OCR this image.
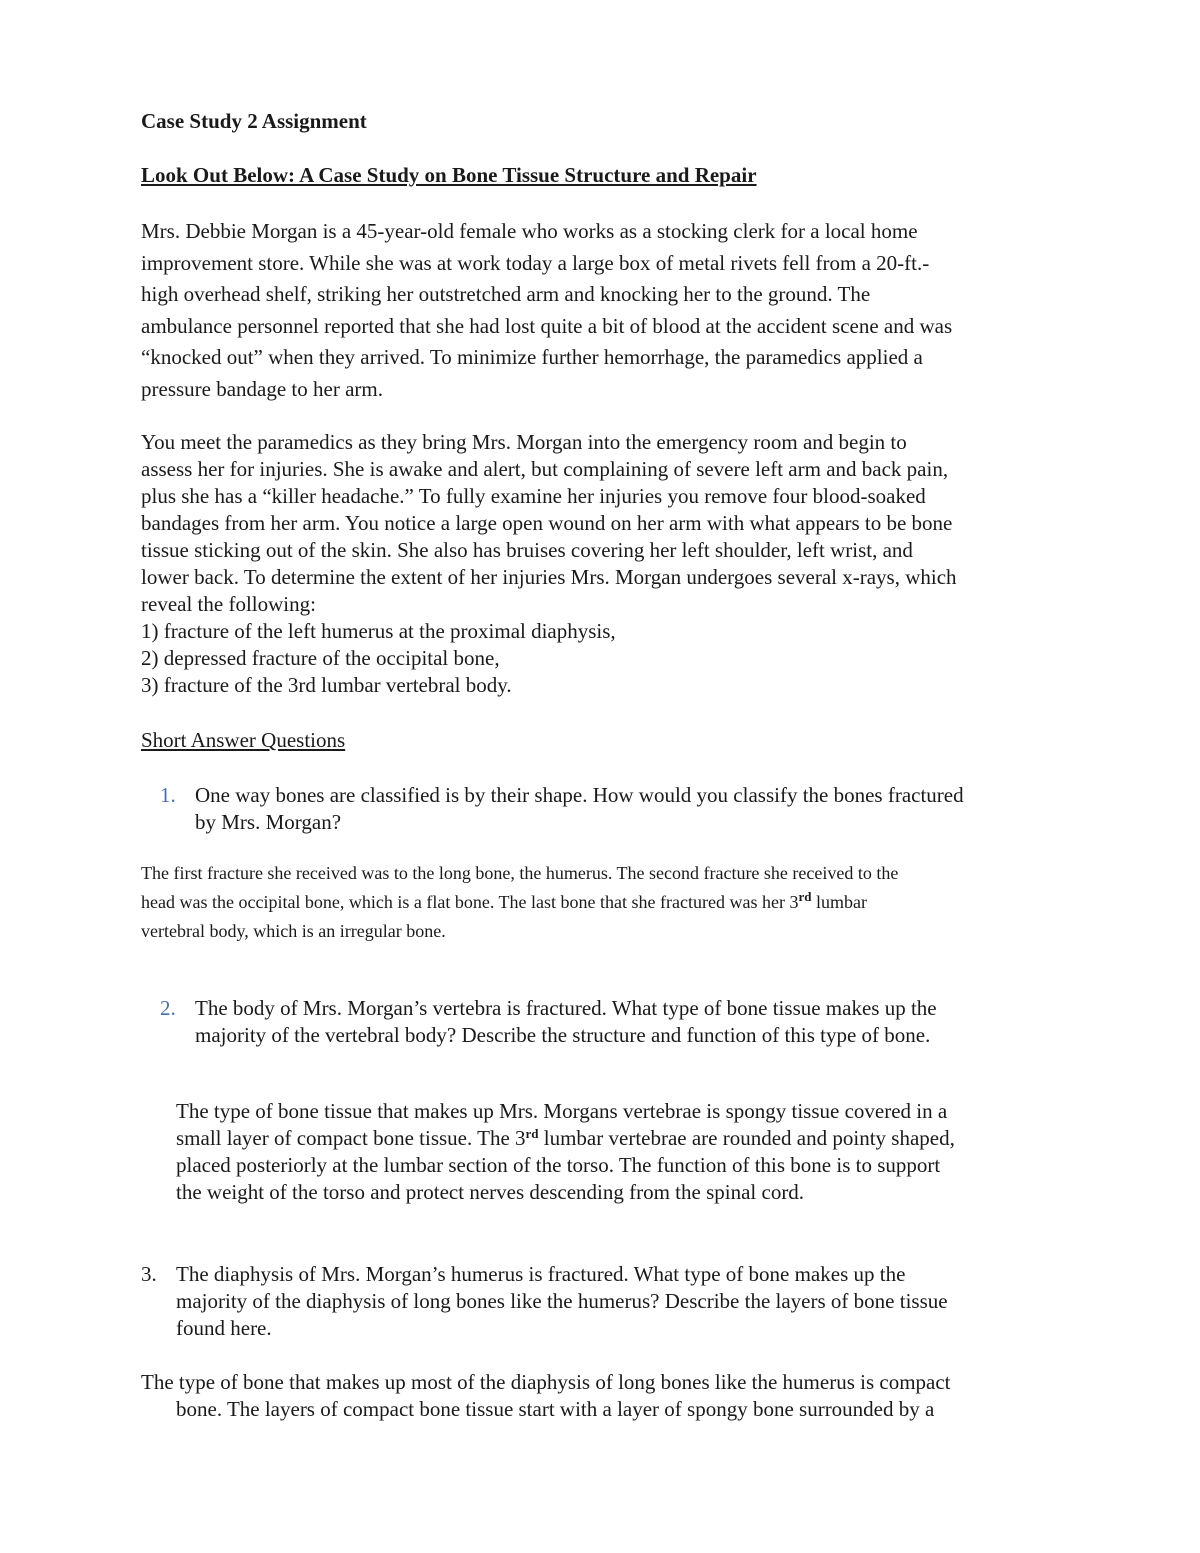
Case Study 2 Assignment

Look Out Below: A Case Study on Bone Tissue Structure and Repair

Mrs. Debbie Morgan is a 45-year-old female who works as a stocking clerk for a local home
improvement store. While she was at work today a large box of metal rivets fell from a 20-ft.-
high overhead shelf, striking her outstretched arm and knocking her to the ground. The
ambulance personnel reported that she had lost quite a bit of blood at the accident scene and was
“knocked out” when they arrived. To minimize further hemorrhage, the paramedics applied a
pressure bandage to her arm.
You meet the paramedics as they bring Mrs. Morgan into the emergency room and begin to
assess her for injuries. She is awake and alert, but complaining of severe left arm and back pain,
plus she has a “killer headache.” To fully examine her injuries you remove four blood-soaked
bandages from her arm. You notice a large open wound on her arm with what appears to be bone
tissue sticking out of the skin. She also has bruises covering her left shoulder, left wrist, and
lower back. To determine the extent of her injuries Mrs. Morgan undergoes several x-rays, which
reveal the following:
1) fracture of the left humerus at the proximal diaphysis,
2) depressed fracture of the occipital bone,
3) fracture of the 3rd lumbar vertebral body.

Short Answer Questions

1. One way bones are classified is by their shape. How would you classify the bones fractured
by Mrs. Morgan?
The first fracture she received was to the long bone, the humerus. The second fracture she received to the
head was the occipital bone, which is a flat bone. The last bone that she fractured was her 3rd lumbar
vertebral body, which is an irregular bone.
2. The body of Mrs. Morgan’s vertebra is fractured. What type of bone tissue makes up the
majority of the vertebral body? Describe the structure and function of this type of bone.
The type of bone tissue that makes up Mrs. Morgans vertebrae is spongy tissue covered in a
small layer of compact bone tissue. The 3rd lumbar vertebrae are rounded and pointy shaped,
placed posteriorly at the lumbar section of the torso. The function of this bone is to support
the weight of the torso and protect nerves descending from the spinal cord.
3. The diaphysis of Mrs. Morgan’s humerus is fractured. What type of bone makes up the
majority of the diaphysis of long bones like the humerus? Describe the layers of bone tissue
found here.
The type of bone that makes up most of the diaphysis of long bones like the humerus is compact
bone. The layers of compact bone tissue start with a layer of spongy bone surrounded by a
